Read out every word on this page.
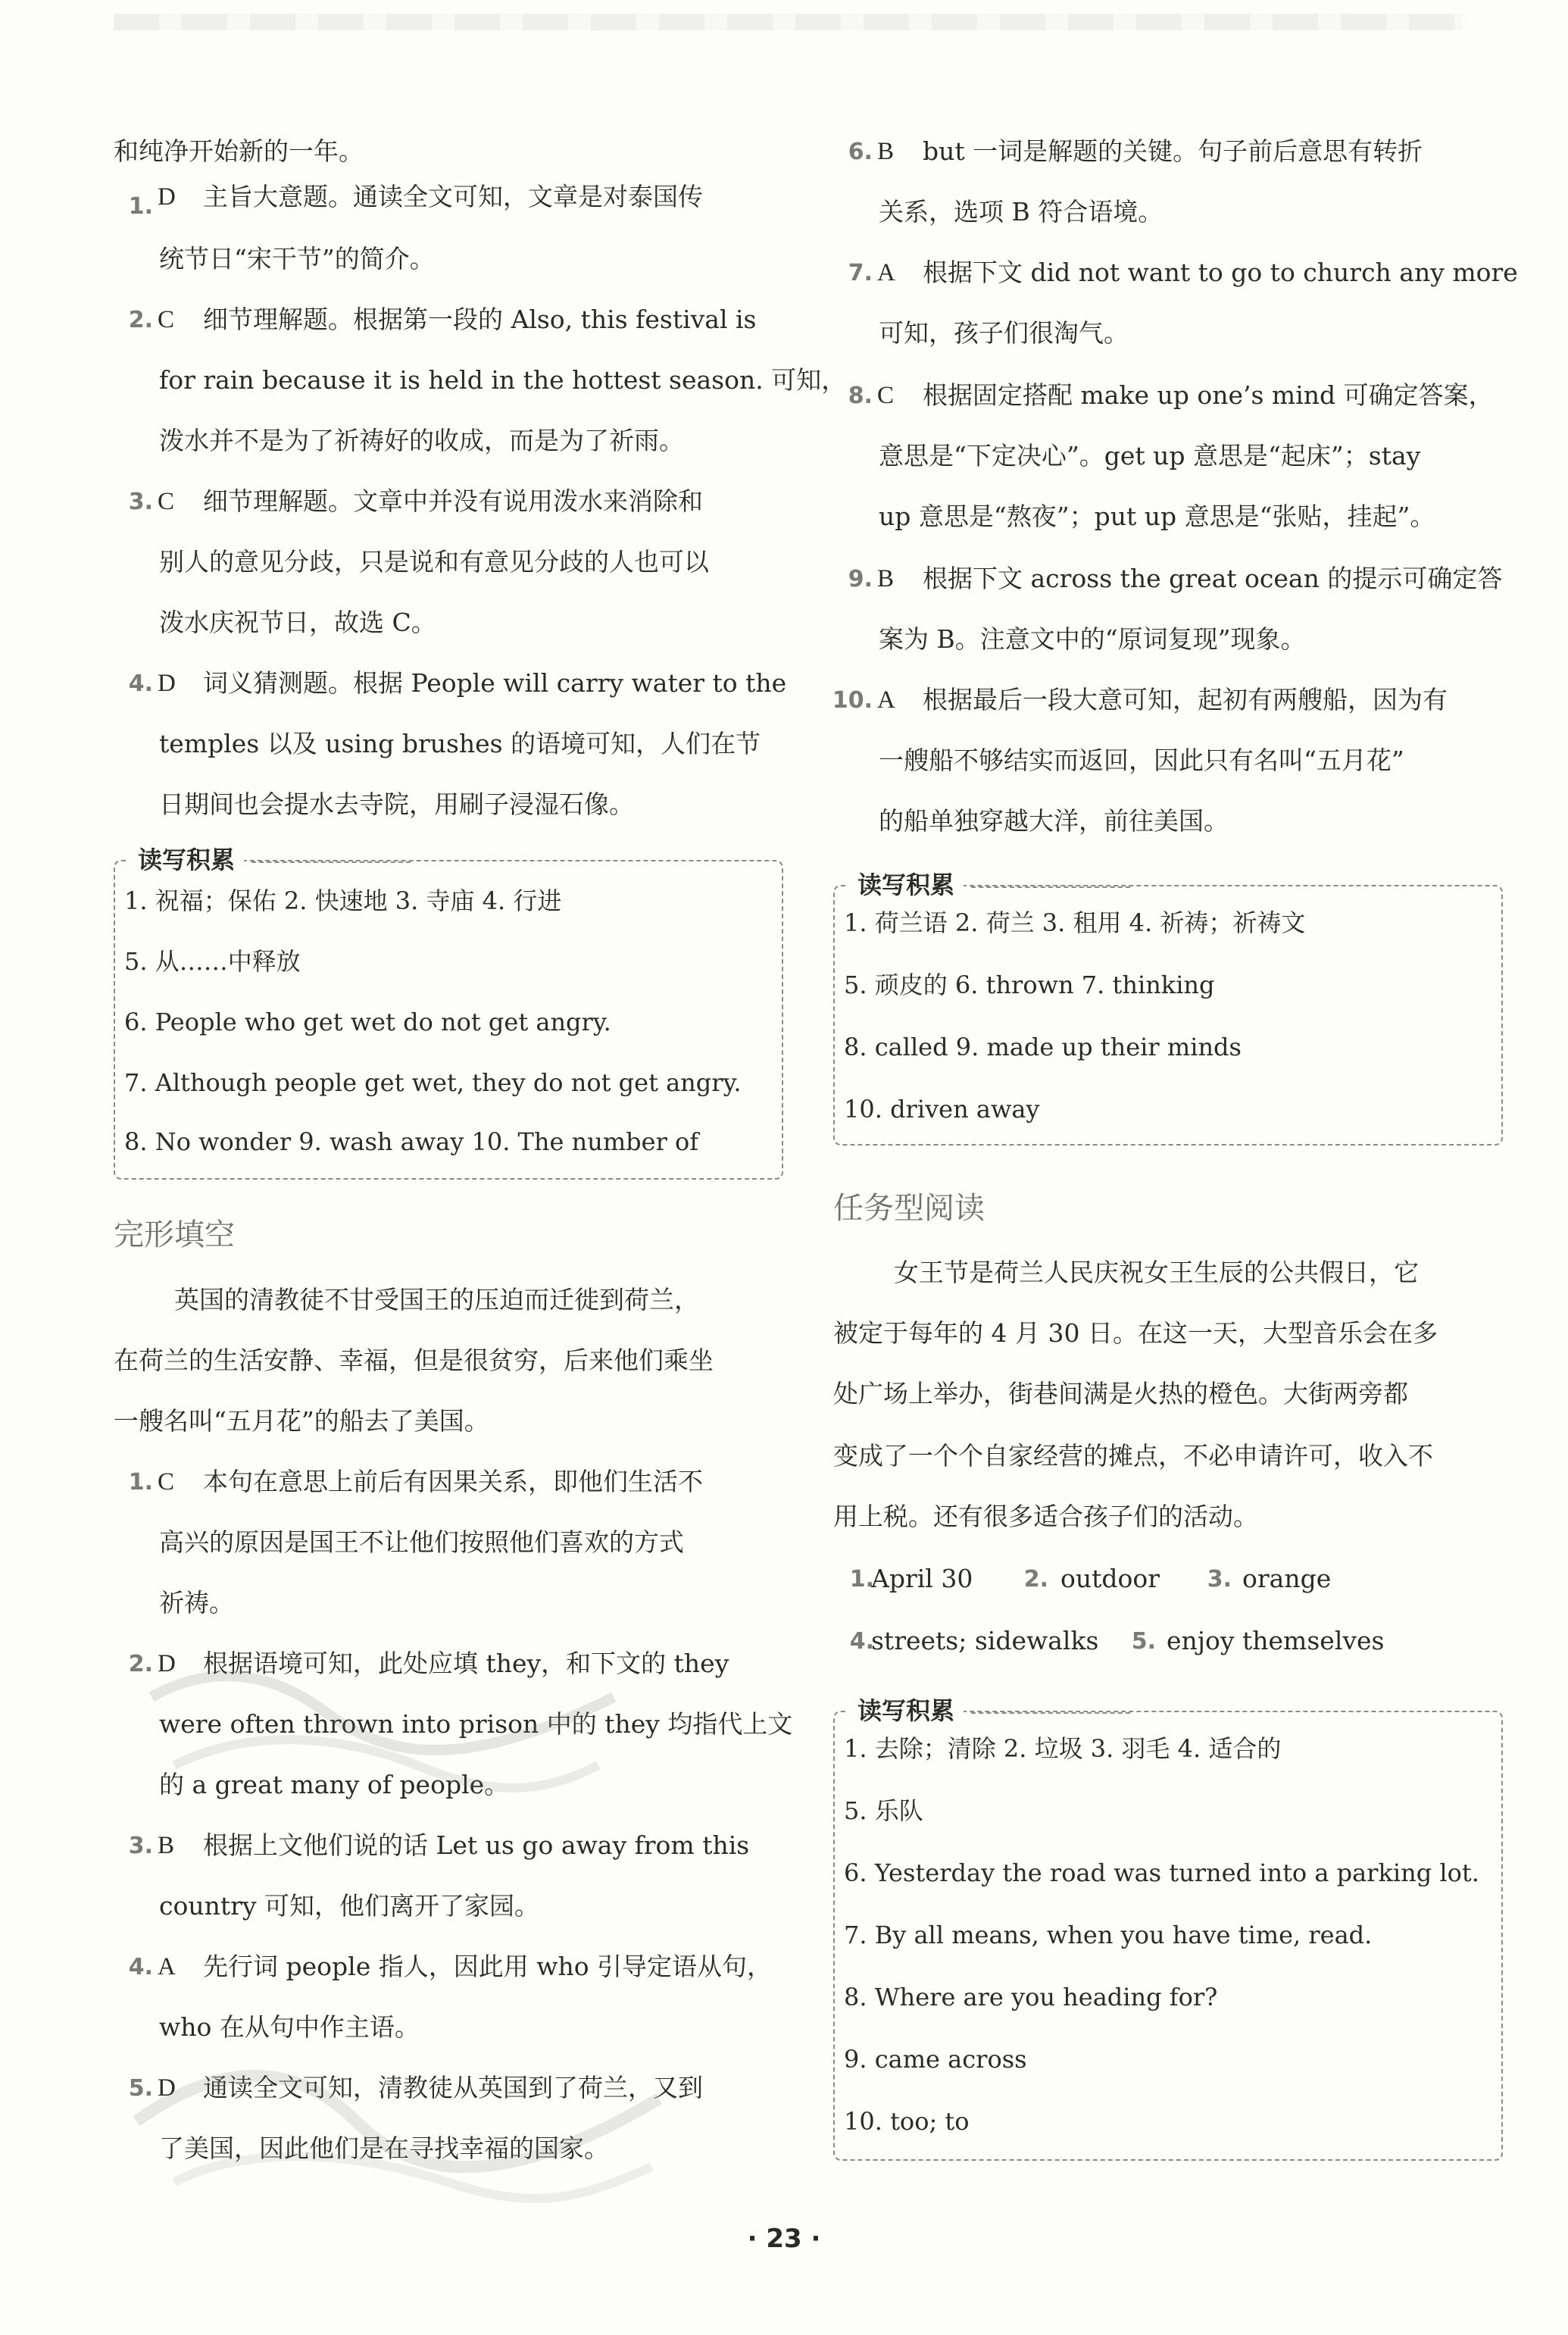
和纯净开始新的一年。
1. D 主旨大意题。通读全文可知，文章是对泰国传
统节日“宋干节”的简介。
2. C 细节理解题。根据第一段的 Also, this festival is
for rain because it is held in the hottest season. 可知，
泼水并不是为了祈祷好的收成，而是为了祈雨。
3. C 细节理解题。文章中并没有说用泼水来消除和
别人的意见分歧，只是说和有意见分歧的人也可以
泼水庆祝节日，故选 C。
4. D 词义猜测题。根据 People will carry water to the
temples 以及 using brushes 的语境可知，人们在节
日期间也会提水去寺院，用刷子浸湿石像。
读写积累
1. 祝福；保佑 2. 快速地 3. 寺庙 4. 行进
5. 从……中释放
6. People who get wet do not get angry.
7. Although people get wet, they do not get angry.
8. No wonder 9. wash away 10. The number of
完形填空
英国的清教徒不甘受国王的压迫而迁徙到荷兰，
在荷兰的生活安静、幸福，但是很贫穷，后来他们乘坐
一艘名叫“五月花”的船去了美国。
1. C 本句在意思上前后有因果关系，即他们生活不
高兴的原因是国王不让他们按照他们喜欢的方式
祈祷。
2. D 根据语境可知，此处应填 they，和下文的 they
were often thrown into prison 中的 they 均指代上文
的 a great many of people。
3. B 根据上文他们说的话 Let us go away from this
country 可知，他们离开了家园。
4. A 先行词 people 指人，因此用 who 引导定语从句，
who 在从句中作主语。
5. D 通读全文可知，清教徒从英国到了荷兰，又到
了美国，因此他们是在寻找幸福的国家。
6. B but 一词是解题的关键。句子前后意思有转折
关系，选项 B 符合语境。
7. A 根据下文 did not want to go to church any more
可知，孩子们很淘气。
8. C 根据固定搭配 make up one’s mind 可确定答案，
意思是“下定决心”。get up 意思是“起床”；stay
up 意思是“熬夜”；put up 意思是“张贴，挂起”。
9. B 根据下文 across the great ocean 的提示可确定答
案为 B。注意文中的“原词复现”现象。
10. A 根据最后一段大意可知，起初有两艘船，因为有
一艘船不够结实而返回，因此只有名叫“五月花”
的船单独穿越大洋，前往美国。
读写积累
1. 荷兰语 2. 荷兰 3. 租用 4. 祈祷；祈祷文
5. 顽皮的 6. thrown 7. thinking
8. called 9. made up their minds
10. driven away
任务型阅读
女王节是荷兰人民庆祝女王生辰的公共假日，它
被定于每年的 4 月 30 日。在这一天，大型音乐会在多
处广场上举办，街巷间满是火热的橙色。大街两旁都
变成了一个个自家经营的摊点，不必申请许可，收入不
用上税。还有很多适合孩子们的活动。
1.
April 30 2. outdoor 3. orange
4.
streets; sidewalks 5. enjoy themselves
读写积累
1. 去除；清除 2. 垃圾 3. 羽毛 4. 适合的
5. 乐队
6. Yesterday the road was turned into a parking lot.
7. By all means, when you have time, read.
8. Where are you heading for?
9. came across
10. too; to
· 23 ·
